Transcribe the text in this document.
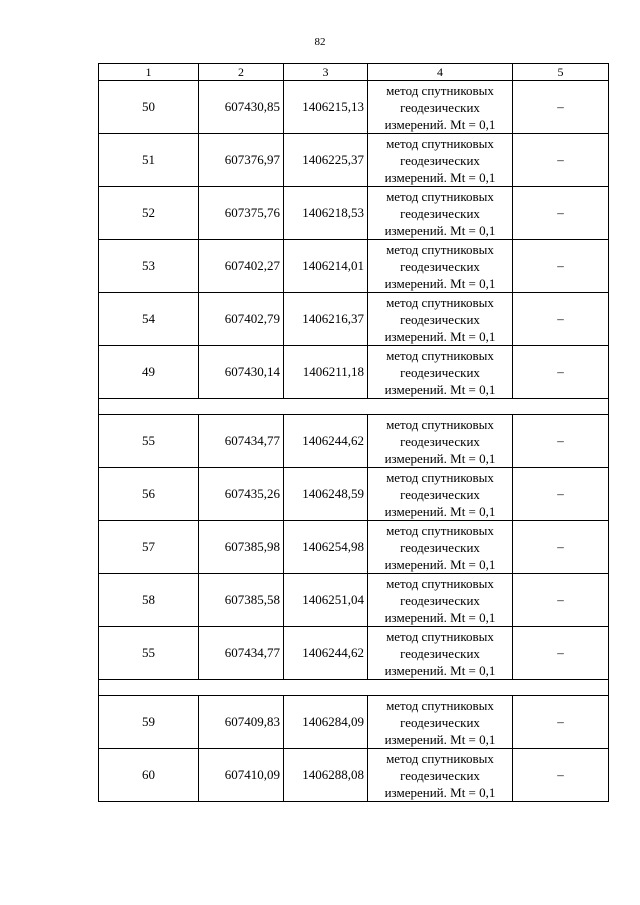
82
1	2	3	4	5
50	607430,85	1406215,13	метод спутниковых
геодезических
измерений. Mt = 0,1	–
51	607376,97	1406225,37	метод спутниковых
геодезических
измерений. Mt = 0,1	–
52	607375,76	1406218,53	метод спутниковых
геодезических
измерений. Mt = 0,1	–
53	607402,27	1406214,01	метод спутниковых
геодезических
измерений. Mt = 0,1	–
54	607402,79	1406216,37	метод спутниковых
геодезических
измерений. Mt = 0,1	–
49	607430,14	1406211,18	метод спутниковых
геодезических
измерений. Mt = 0,1	–

55	607434,77	1406244,62	метод спутниковых
геодезических
измерений. Mt = 0,1	–
56	607435,26	1406248,59	метод спутниковых
геодезических
измерений. Mt = 0,1	–
57	607385,98	1406254,98	метод спутниковых
геодезических
измерений. Mt = 0,1	–
58	607385,58	1406251,04	метод спутниковых
геодезических
измерений. Mt = 0,1	–
55	607434,77	1406244,62	метод спутниковых
геодезических
измерений. Mt = 0,1	–

59	607409,83	1406284,09	метод спутниковых
геодезических
измерений. Mt = 0,1	–
60	607410,09	1406288,08	метод спутниковых
геодезических
измерений. Mt = 0,1	–
